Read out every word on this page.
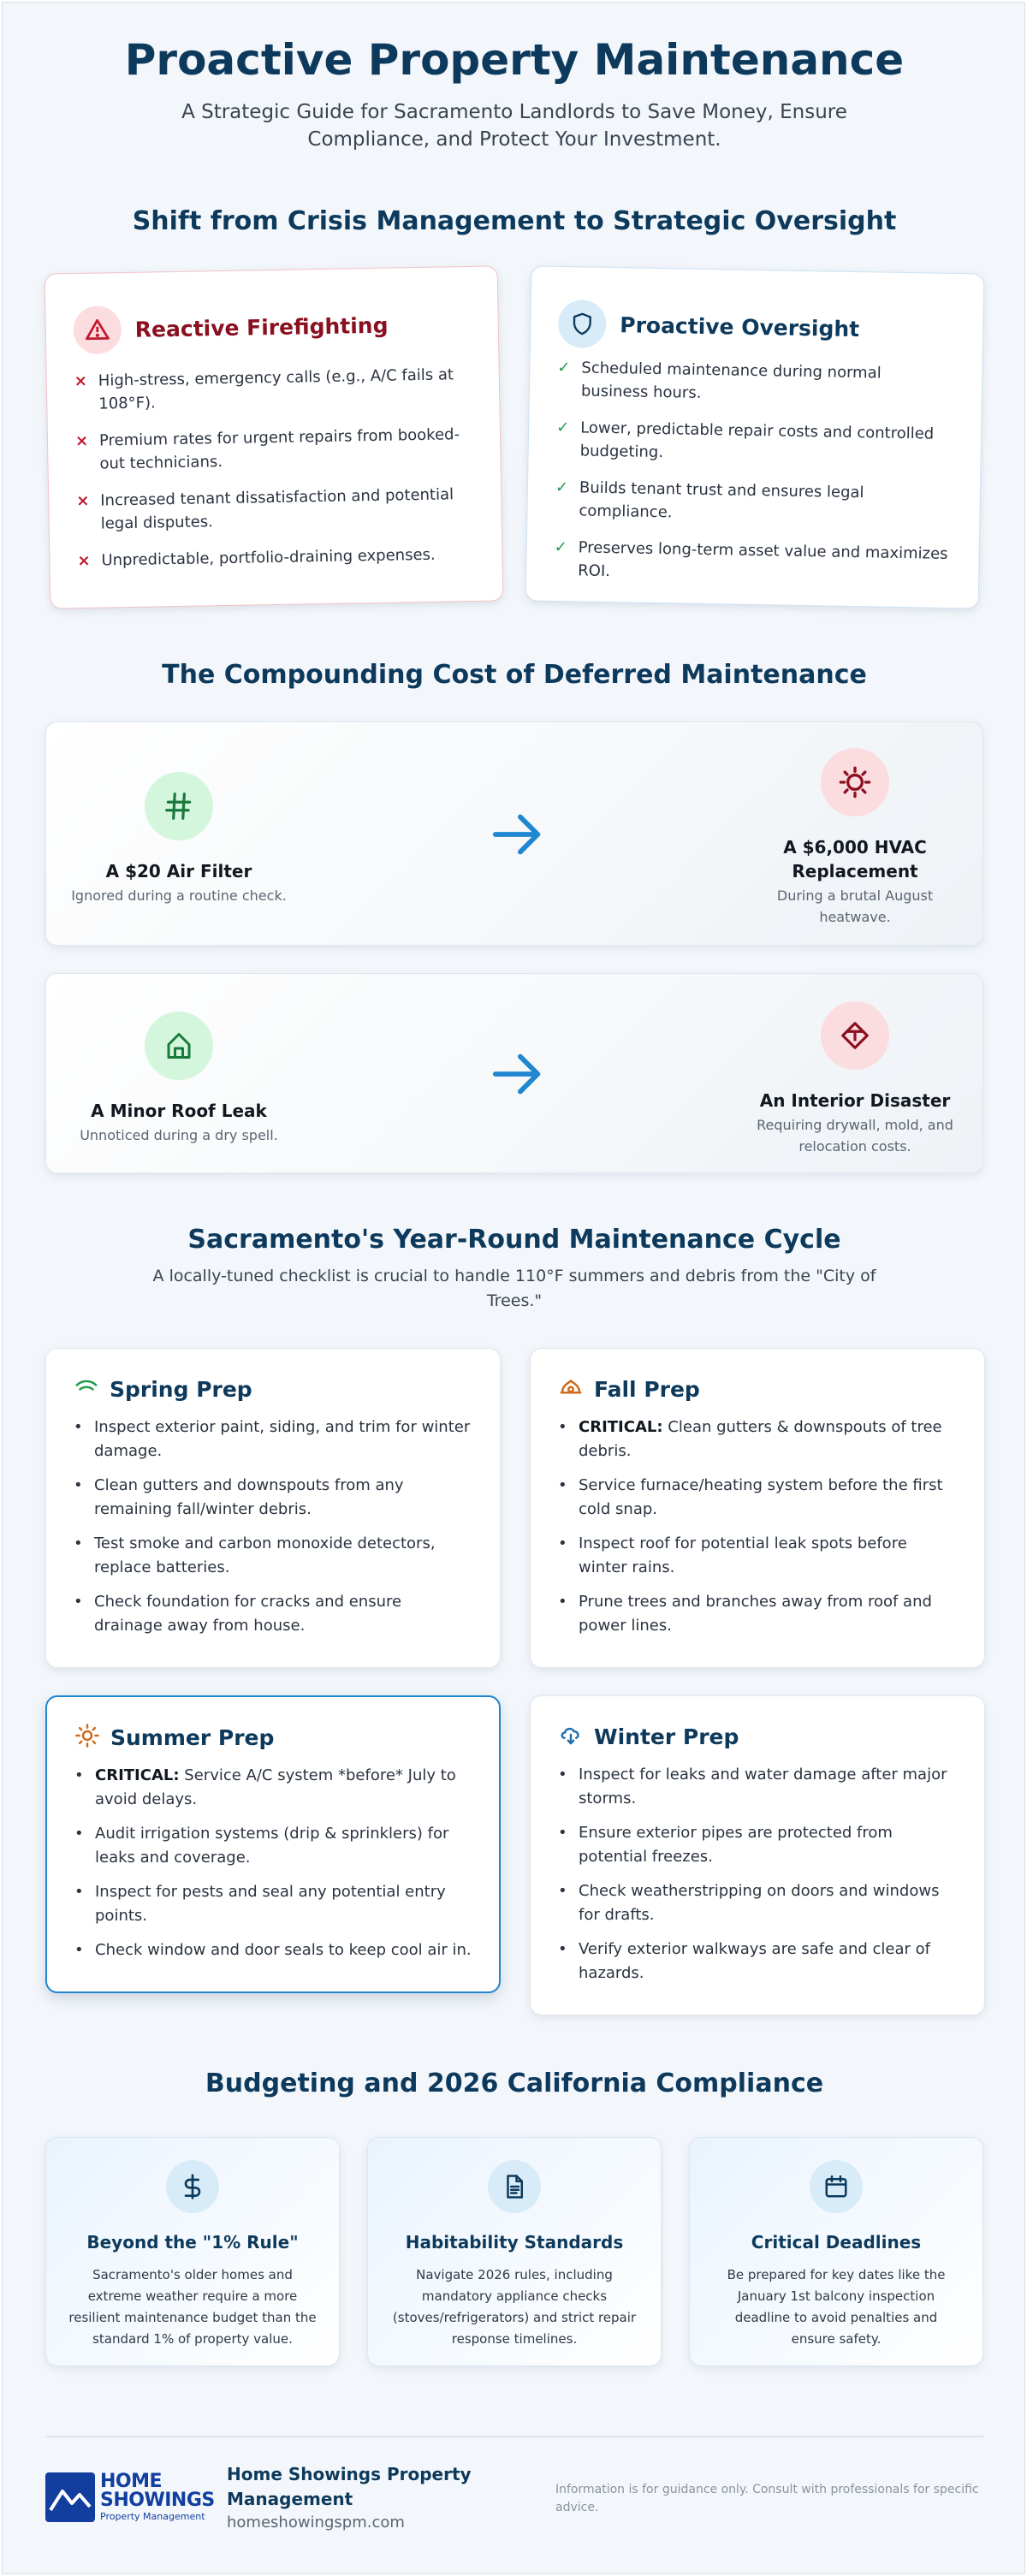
Proactive Property Maintenance
A Strategic Guide for Sacramento Landlords to Save Money, Ensure Compliance, and Protect Your Investment.
Shift from Crisis Management to Strategic Oversight
Reactive Firefighting
× High-stress, emergency calls (e.g., A/C fails at 108°F).
× Premium rates for urgent repairs from booked-out technicians.
× Increased tenant dissatisfaction and potential legal disputes.
× Unpredictable, portfolio-draining expenses.
Proactive Oversight
✓ Scheduled maintenance during normal business hours.
✓ Lower, predictable repair costs and controlled budgeting.
✓ Builds tenant trust and ensures legal compliance.
✓ Preserves long-term asset value and maximizes ROI.
The Compounding Cost of Deferred Maintenance
A $20 Air Filter
Ignored during a routine check.
A $6,000 HVAC Replacement
During a brutal August heatwave.
A Minor Roof Leak
Unnoticed during a dry spell.
An Interior Disaster
Requiring drywall, mold, and relocation costs.
Sacramento's Year-Round Maintenance Cycle
A locally-tuned checklist is crucial to handle 110°F summers and debris from the "City of Trees."
Spring Prep
• Inspect exterior paint, siding, and trim for winter damage.
• Clean gutters and downspouts from any remaining fall/winter debris.
• Test smoke and carbon monoxide detectors, replace batteries.
• Check foundation for cracks and ensure drainage away from house.
Fall Prep
• CRITICAL: Clean gutters & downspouts of tree debris.
• Service furnace/heating system before the first cold snap.
• Inspect roof for potential leak spots before winter rains.
• Prune trees and branches away from roof and power lines.
Summer Prep
• CRITICAL: Service A/C system *before* July to avoid delays.
• Audit irrigation systems (drip & sprinklers) for leaks and coverage.
• Inspect for pests and seal any potential entry points.
• Check window and door seals to keep cool air in.
Winter Prep
• Inspect for leaks and water damage after major storms.
• Ensure exterior pipes are protected from potential freezes.
• Check weatherstripping on doors and windows for drafts.
• Verify exterior walkways are safe and clear of hazards.
Budgeting and 2026 California Compliance
Beyond the "1% Rule"

Sacramento's older homes and extreme weather require a more resilient maintenance budget than the standard 1% of property value.

Habitability Standards

Navigate 2026 rules, including mandatory appliance checks (stoves/refrigerators) and strict repair response timelines.

Critical Deadlines

Be prepared for key dates like the January 1st balcony inspection deadline to avoid penalties and ensure safety.

HOME
SHOWINGS
Property Management
Home Showings Property Management
homeshowingspm.com
Information is for guidance only. Consult with professionals for specific advice.
